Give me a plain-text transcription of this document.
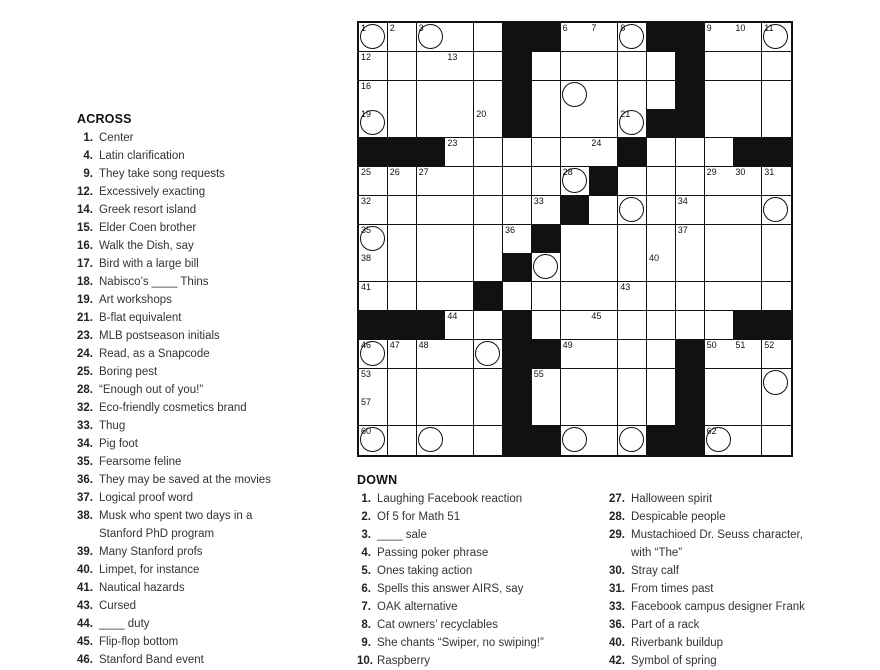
1	2	3	6	7	8	9	10 11
12	13
16
19	20	21
23	24
25 26 27	28	29 30 31
32	33	34
35	36	37
38	40
41	43
44	45
46 47 48	49	50 51 52
53	55
57
60	62
ACROSS
1. Center
4. Latin clarification
9. They take song requests
12. Excessively exacting
14. Greek resort island
15. Elder Coen brother
16. Walk the Dish, say
17. Bird with a large bill
18. Nabisco’s ____ Thins
19. Art workshops
21. B-flat equivalent
23. MLB postseason initials
24. Read, as a Snapcode
25. Boring pest
28. “Enough out of you!”
32. Eco-friendly cosmetics brand
33. Thug
34. Pig foot
35. Fearsome feline
36. They may be saved at the movies
37. Logical proof word
38. Musk who spent two days in a
Stanford PhD program
39. Many Stanford profs
40. Limpet, for instance
41. Nautical hazards
43. Cursed
44. ____ duty
45. Flip-flop bottom
46. Stanford Band event
DOWN
1. Laughing Facebook reaction
2. Of 5 for Math 51
3. ____ sale
4. Passing poker phrase
5. Ones taking action
6. Spells this answer AIRS, say
7. OAK alternative
8. Cat owners’ recyclables
9. She chants “Swiper, no swiping!”
10. Raspberry
27. Halloween spirit
28. Despicable people
29. Mustachioed Dr. Seuss character,
with “The”
30. Stray calf
31. From times past
33. Facebook campus designer Frank
36. Part of a rack
40. Riverbank buildup
42. Symbol of spring
